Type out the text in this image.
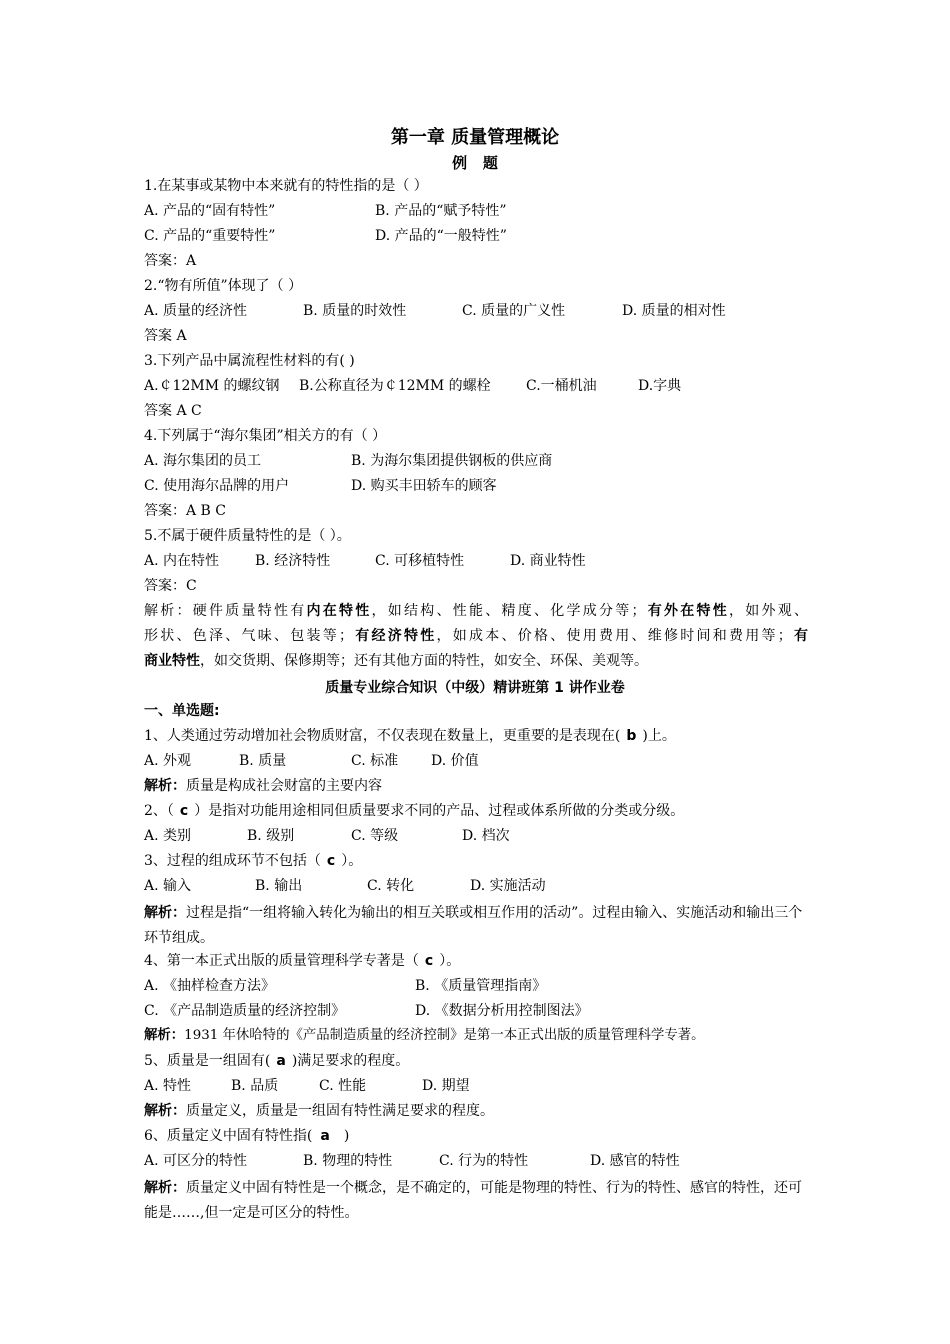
第一章 质量管理概论
例   题
1.在某事或某物中本来就有的特性指的是（ ）
A. 产品的“固有特性”	B. 产品的“赋予特性”
C. 产品的“重要特性”	D. 产品的“一般特性”
答案：A
2.“物有所值”体现了（ ）
A. 质量的经济性	B. 质量的时效性	C. 质量的广义性	D. 质量的相对性
答案 A
3.下列产品中属流程性材料的有( )
A.￠12MM 的螺纹钢 B.公称直径为￠12MM 的螺栓	C.一桶机油	D.字典
答案 A C
4.下列属于“海尔集团”相关方的有（ ）
A. 海尔集团的员工	B. 为海尔集团提供钢板的供应商
C. 使用海尔品牌的用户	D. 购买丰田轿车的顾客
答案：A B C
5.不属于硬件质量特性的是（ ）。
A. 内在特性	B. 经济特性	C. 可移植特性	D. 商业特性
答案：C
解析：硬件质量特性有内在特性，如结构、性能、精度、化学成分等；有外在特性，如外观、
形状、色泽、气味、包装等；有经济特性，如成本、价格、使用费用、维修时间和费用等；有
商业特性，如交货期、保修期等；还有其他方面的特性，如安全、环保、美观等。
质量专业综合知识（中级）精讲班第 1 讲作业卷
一、单选题:
1、人类通过劳动增加社会物质财富，不仅表现在数量上，更重要的是表现在( b )上。
A. 外观	B. 质量	C. 标准 D. 价值
解析：质量是构成社会财富的主要内容
2、（ c ）是指对功能用途相同但质量要求不同的产品、过程或体系所做的分类或分级。
A. 类别	B. 级别	C. 等级	D. 档次
3、过程的组成环节不包括（ c ）。
A. 输入	B. 输出	C. 转化	D. 实施活动
解析：过程是指“一组将输入转化为输出的相互关联或相互作用的活动”。过程由输入、实施活动和输出三个环节组成。
4、第一本正式出版的质量管理科学专著是（ c ）。
A. 《抽样检查方法》	B. 《质量管理指南》
C. 《产品制造质量的经济控制》	D. 《数据分析用控制图法》
解析：1931 年休哈特的《产品制造质量的经济控制》是第一本正式出版的质量管理科学专著。
5、质量是一组固有( a )满足要求的程度。
A. 特性	B. 品质	C. 性能	D. 期望
解析：质量定义，质量是一组固有特性满足要求的程度。
6、质量定义中固有特性指( a )
A. 可区分的特性	B. 物理的特性	C. 行为的特性	D. 感官的特性
解析：质量定义中固有特性是一个概念，是不确定的，可能是物理的特性、行为的特性、感官的特性，还可能是……,但一定是可区分的特性。
